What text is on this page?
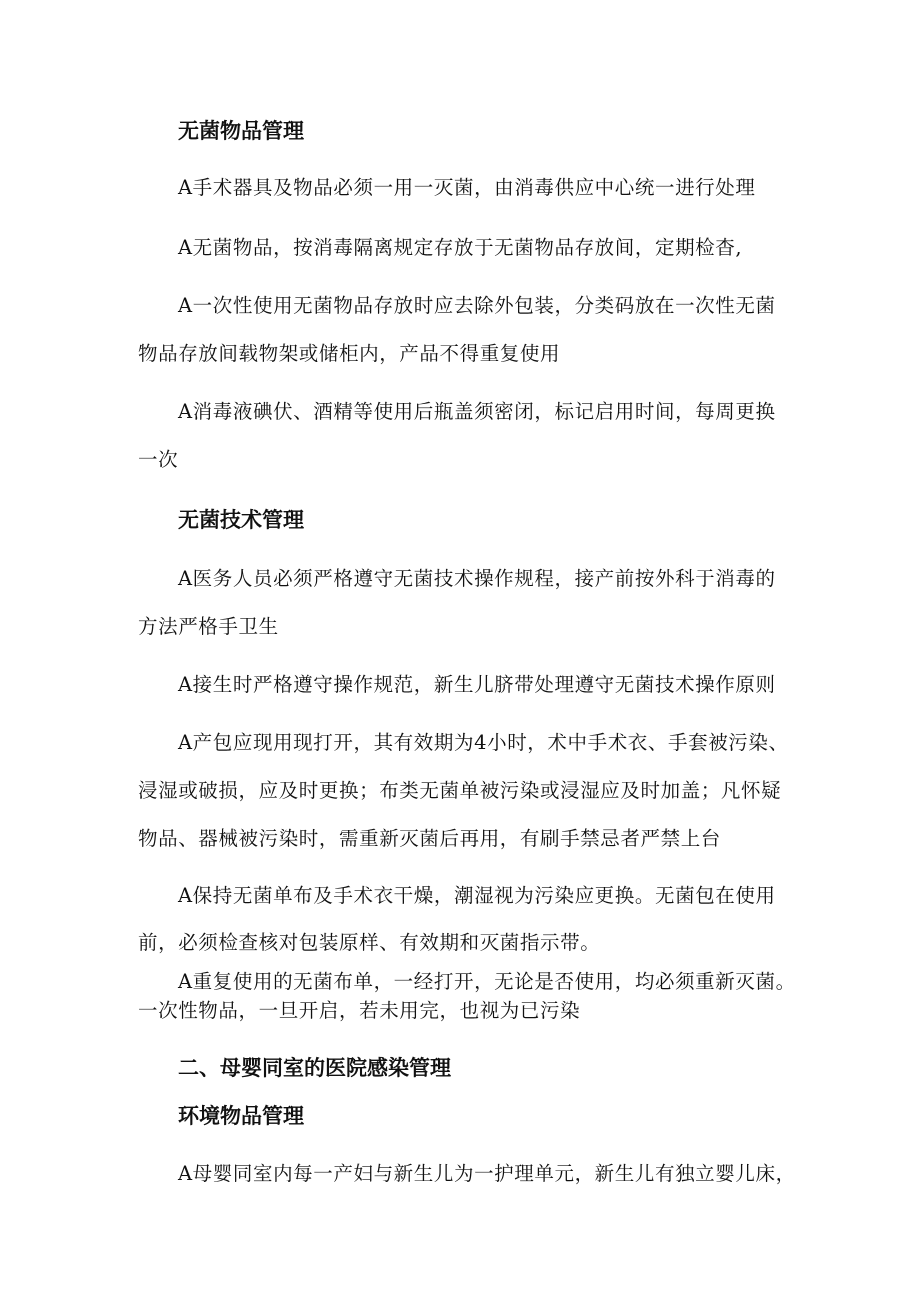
无菌物品管理
A手术器具及物品必须一用一灭菌，由消毒供应中心统一进行处理
A无菌物品，按消毒隔离规定存放于无菌物品存放间，定期检杳,
A一次性使用无菌物品存放时应去除外包装，分类码放在一次性无菌
物品存放间载物架或储柜内，产品不得重复使用
A消毒液碘伏、酒精等使用后瓶盖须密闭，标记启用时间，每周更换
一次
无菌技术管理
A医务人员必须严格遵守无菌技术操作规程，接产前按外科于消毒的
方法严格手卫生
A接生时严格遵守操作规范，新生儿脐带处理遵守无菌技术操作原则
A产包应现用现打开，其有效期为4小时，术中手术衣、手套被污染、
浸湿或破损，应及时更换；布类无菌单被污染或浸湿应及时加盖；凡怀疑
物品、器械被污染时，需重新灭菌后再用，有刷手禁忌者严禁上台
A保持无菌单布及手术衣干燥，潮湿视为污染应更换。无菌包在使用
前，必须检查核对包装原样、有效期和灭菌指示带。
A重复使用的无菌布单，一经打开，无论是否使用，均必须重新灭菌。
一次性物品，一旦开启，若未用完，也视为已污染
二、母婴同室的医院感染管理
环境物品管理
A母婴同室内每一产妇与新生儿为一护理单元，新生儿有独立婴儿床，
